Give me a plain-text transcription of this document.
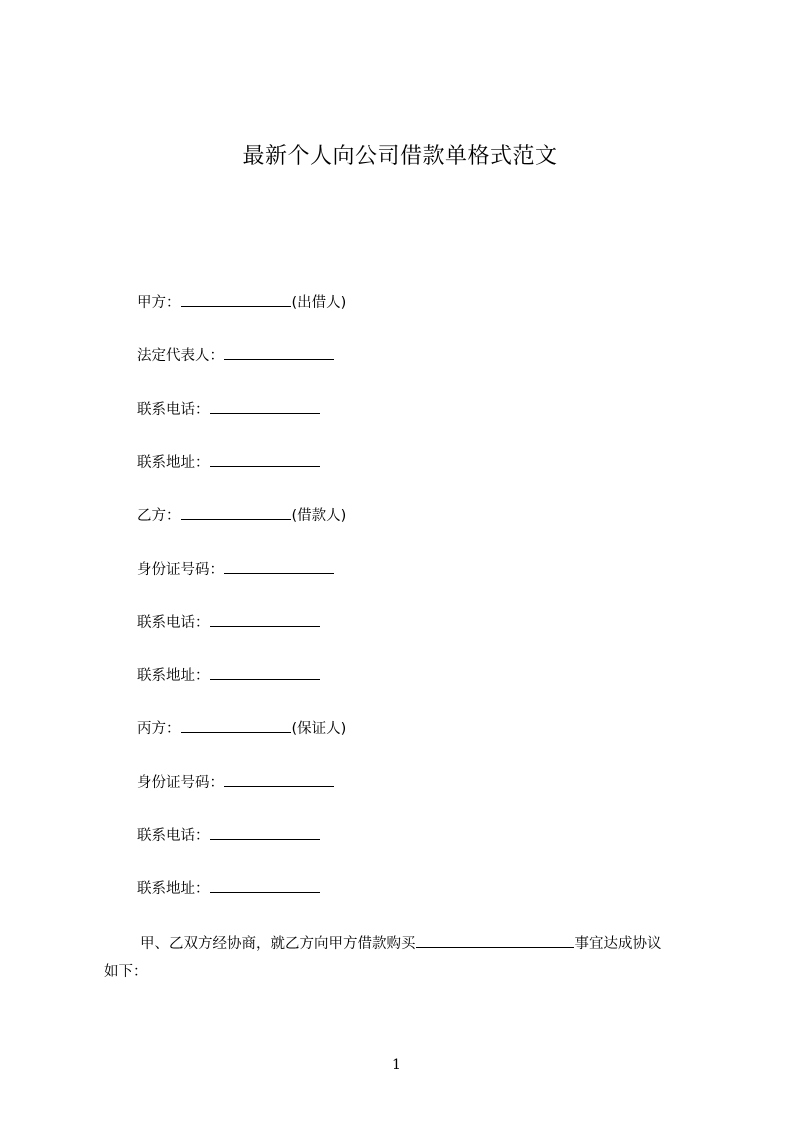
最新个人向公司借款单格式范文
甲方：	(出借人)
法定代表人：
联系电话：
联系地址：
乙方：	(借款人)
身份证号码：
联系电话：
联系地址：
丙方：	(保证人)
身份证号码：
联系电话：
联系地址：
甲、乙双方经协商，就乙方向甲方借款购买	事宜达成协议
如下：
1
